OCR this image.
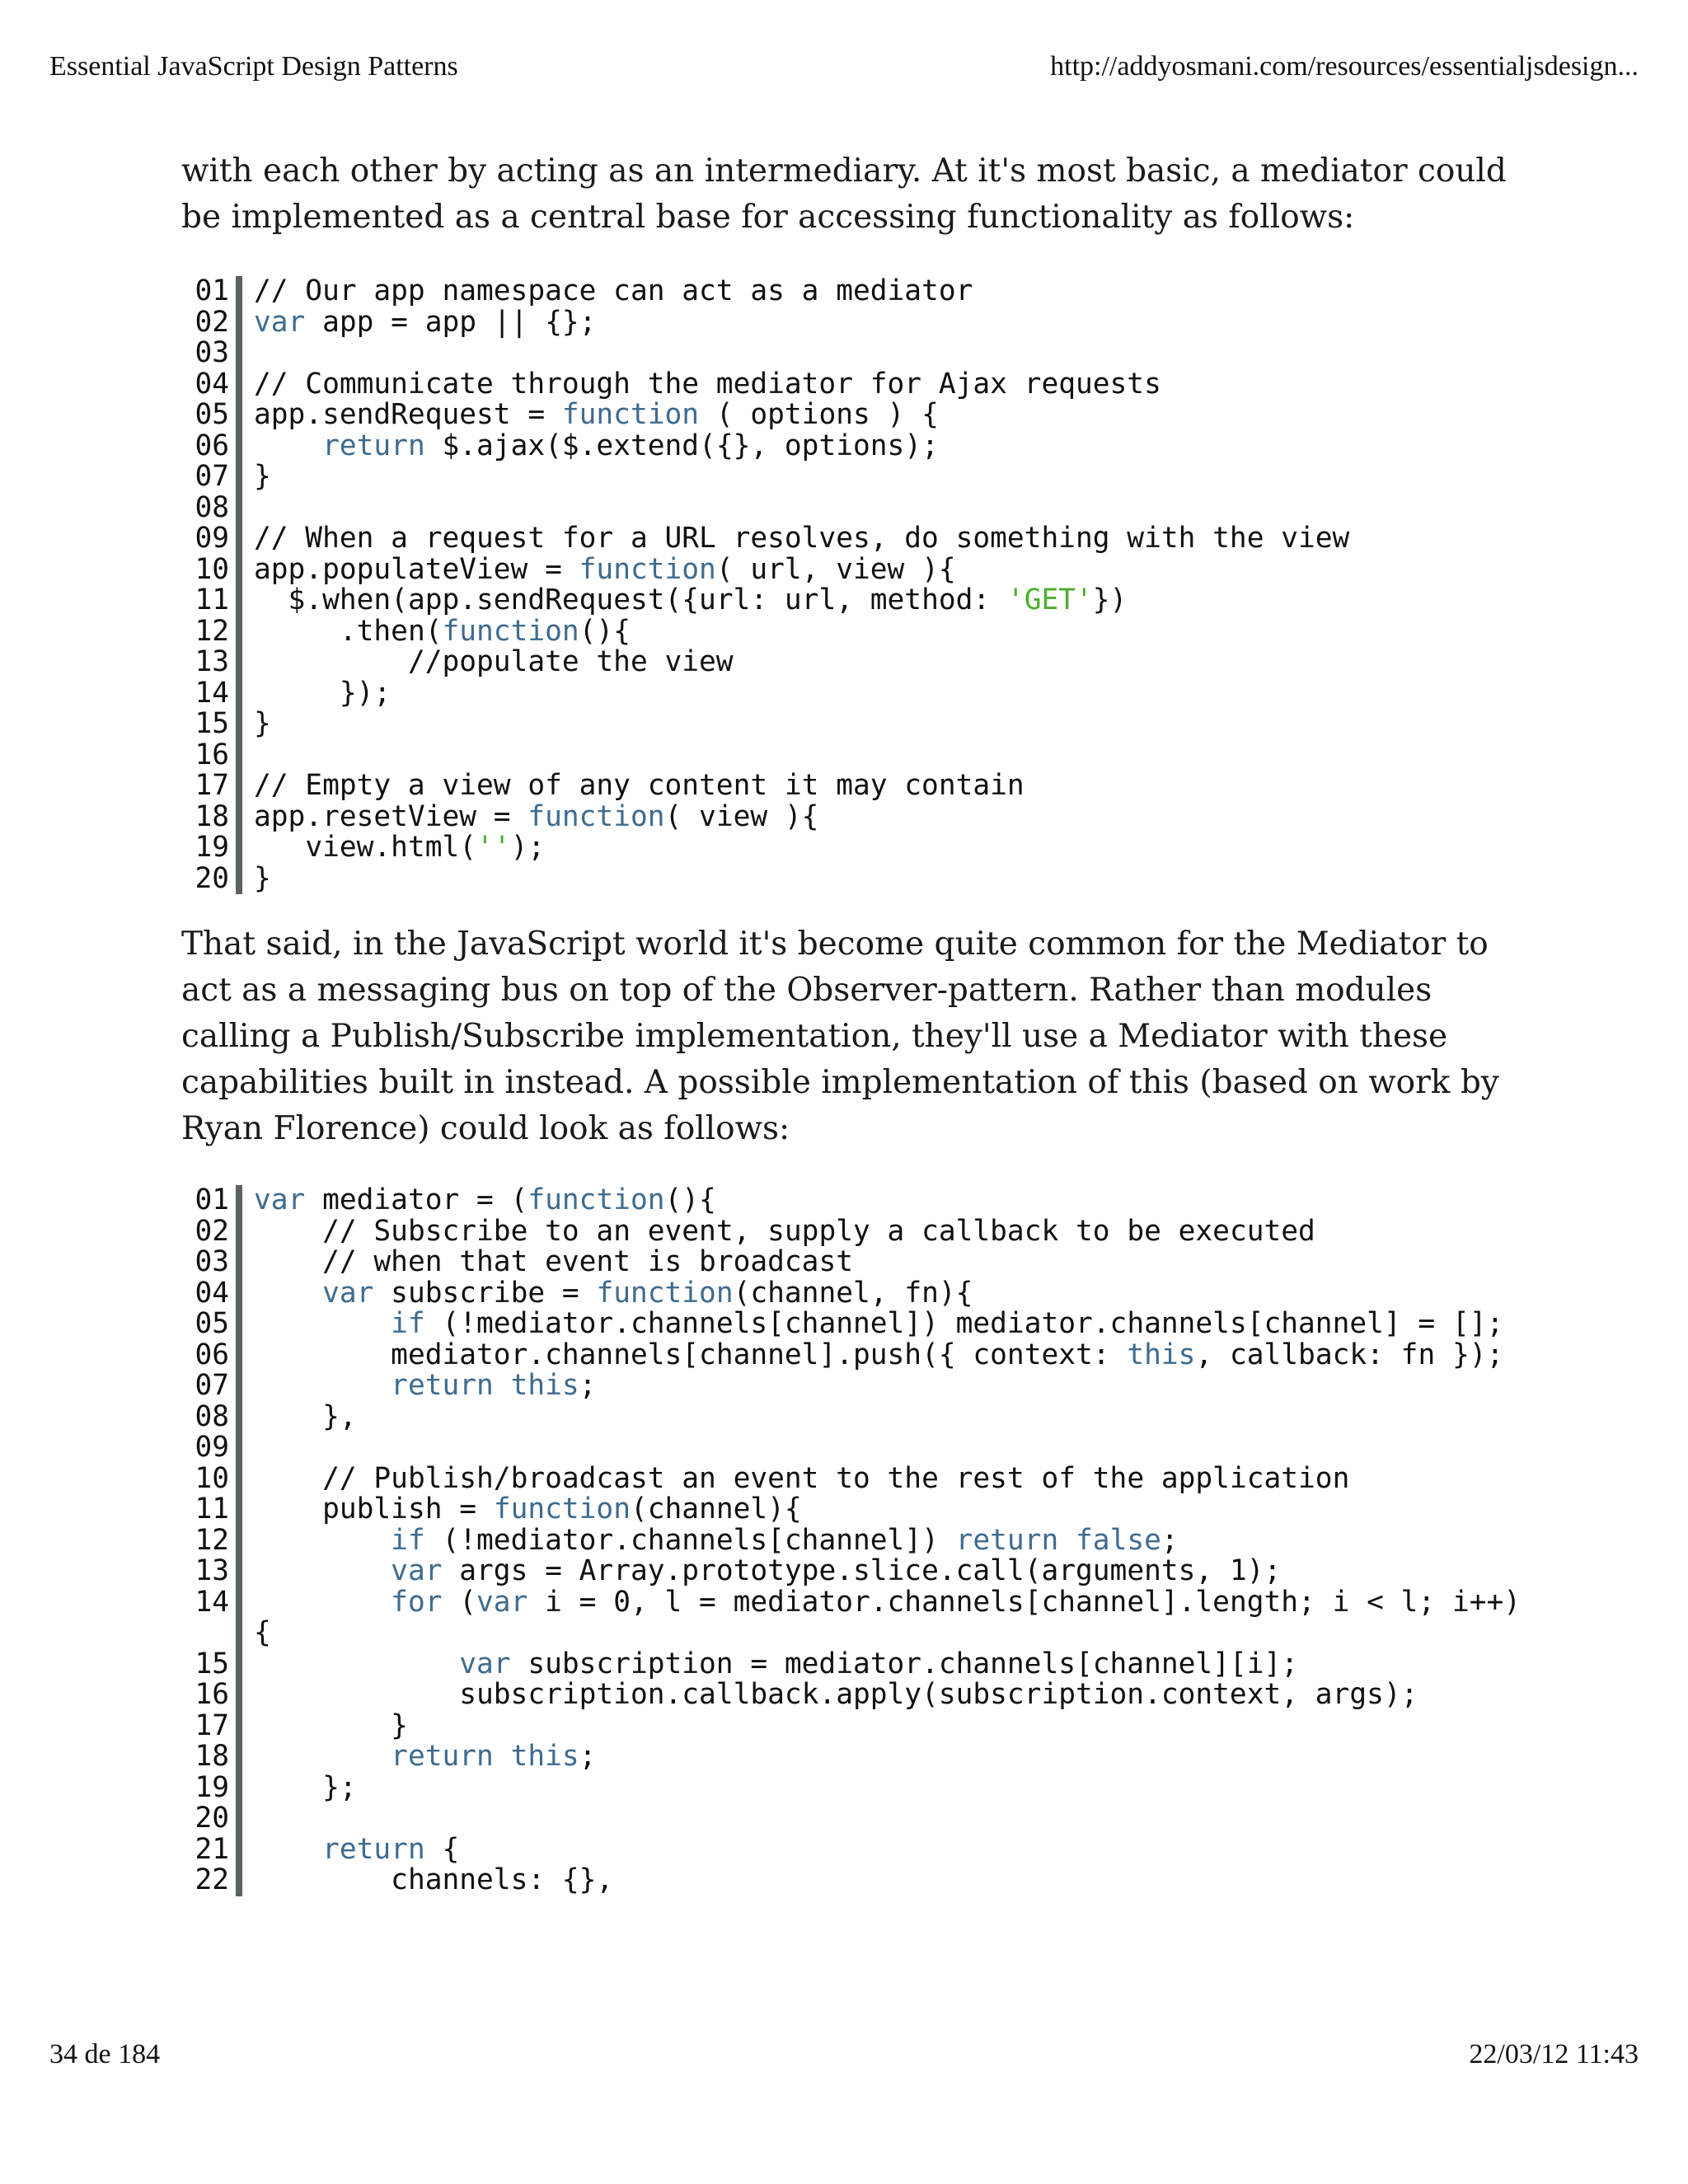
Essential JavaScript Design Patterns	http://addyosmani.com/resources/essentialjsdesign...

with each other by acting as an intermediary. At it's most basic, a mediator could be implemented as a central base for accessing functionality as follows:

01 // Our app namespace can act as a mediator
02 var app = app || {};
03

04 // Communicate through the mediator for Ajax requests
05 app.sendRequest = function ( options ) {
06	return $.ajax($.extend({}, options);
07 }
08

09 // When a request for a URL resolves, do something with the view
10 app.populateView = function( url, view ){
11 $.when(app.sendRequest({url: url, method: 'GET'})
12 .then(function(){
13 //populate the view
14 });
15 }
16

17 // Empty a view of any content it may contain
18 app.resetView = function( view ){
19 view.html('');
20 }

That said, in the JavaScript world it's become quite common for the Mediator to act as a messaging bus on top of the Observer-pattern. Rather than modules calling a Publish/Subscribe implementation, they'll use a Mediator with these capabilities built in instead. A possible implementation of this (based on work by Ryan Florence) could look as follows:

01 var mediator = (function(){
02 // Subscribe to an event, supply a callback to be executed
03 // when that event is broadcast
04	var subscribe = function(channel, fn){
05	if (!mediator.channels[channel]) mediator.channels[channel] = [];
06 mediator.channels[channel].push({ context: this, callback: fn });
07	return this;
08 },
09

10 // Publish/broadcast an event to the rest of the application
11 publish = function(channel){
12	if (!mediator.channels[channel]) return false;
13	var args = Array.prototype.slice.call(arguments, 1);
14	for (var i = 0, l = mediator.channels[channel].length; i < l; i++) {
15	var subscription = mediator.channels[channel][i];
16 subscription.callback.apply(subscription.context, args);
17 }
18	return this;
19 };
20

21	return {
22 channels: {},
34 de 184	22/03/12 11:43
